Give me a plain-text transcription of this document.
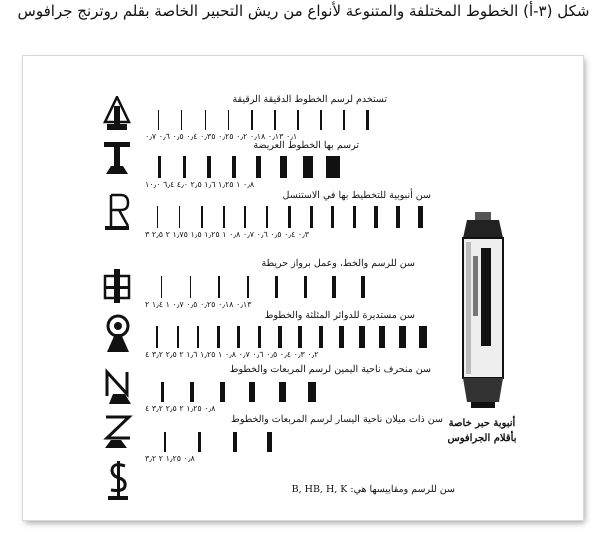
شكل (٣-أ) الخطوط المختلفة والمتنوعة لأنواع من ريش التحبير الخاصة بقلم روترنج جرافوس
تستخدم لرسم الخطوط الدقيقة الرقيقة
ترسم بها الخطوط العريضة
سن أنبوبية للتخطيط بها في الاستنسل
سن للرسم والخط، وعمل برواز حريطة
سن مستديرة للدوائر المثلثة والخطوط
سن منحرف ناحية اليمين لرسم المربعات والخطوط
سن ذات ميلان ناحية اليسار لرسم المربعات والخطوط
سن للرسم ومقاييسها هي: B, HB, H, K
٠٫١ ٠٫١٣ ٠٫١٨ ٠٫٢ ٠٫٢٥ ٠٫٣٥ ٠٫٤ ٠٫٥ ٠٫٦ ٠٫٧
٠٫٨ ١ ١٫٢٥ ١٫٦ ٢٫٥ ٤٫٠ ٦٫٤ ١٠٫٠
٠٫٣ ٠٫٤ ٠٫٥ ٠٫٦ ٠٫٧ ٠٫٨ ١ ١٫٢٥ ١٫٥ ١٫٧٥ ٢ ٢٫٥ ٣
٠٫١٣ ٠٫١٨ ٠٫٢٥ ٠٫٥ ٠٫٧ ١ ١٫٤ ٢
٠٫٢ ٠٫٣ ٠٫٤ ٠٫٥ ٠٫٦ ٠٫٧ ٠٫٨ ١ ١٫٢٥ ١٫٦ ٢ ٢٫٥ ٣٫٢ ٤
٠٫٨ ١٫٢٥ ٢ ٢٫٥ ٣٫٢ ٤
٠٫٨ ١٫٢٥ ٢ ٣٫٢
أنبوبة حبر خاصة
بأقلام الجرافوس
